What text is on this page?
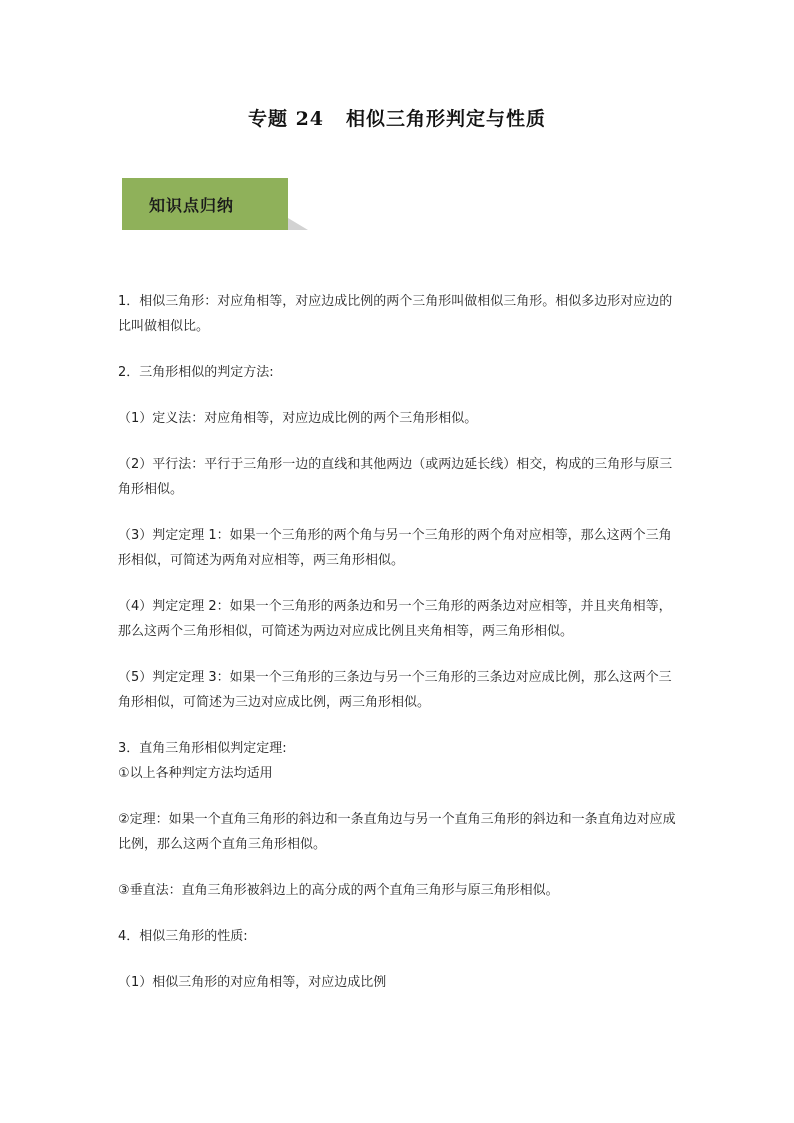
专题 24 相似三角形判定与性质
知识点归纳

1．相似三角形：对应角相等，对应边成比例的两个三角形叫做相似三角形。相似多边形对应边的比叫做相似比。

2．三角形相似的判定方法:

（1）定义法：对应角相等，对应边成比例的两个三角形相似。

（2）平行法：平行于三角形一边的直线和其他两边（或两边延长线）相交，构成的三角形与原三角形相似。

（3）判定定理 1：如果一个三角形的两个角与另一个三角形的两个角对应相等，那么这两个三角形相似，可简述为两角对应相等，两三角形相似。

（4）判定定理 2：如果一个三角形的两条边和另一个三角形的两条边对应相等，并且夹角相等，那么这两个三角形相似，可简述为两边对应成比例且夹角相等，两三角形相似。

（5）判定定理 3：如果一个三角形的三条边与另一个三角形的三条边对应成比例，那么这两个三角形相似，可简述为三边对应成比例，两三角形相似。

3．直角三角形相似判定定理:

①以上各种判定方法均适用

②定理：如果一个直角三角形的斜边和一条直角边与另一个直角三角形的斜边和一条直角边对应成比例，那么这两个直角三角形相似。

③垂直法：直角三角形被斜边上的高分成的两个直角三角形与原三角形相似。

4．相似三角形的性质:

（1）相似三角形的对应角相等，对应边成比例
